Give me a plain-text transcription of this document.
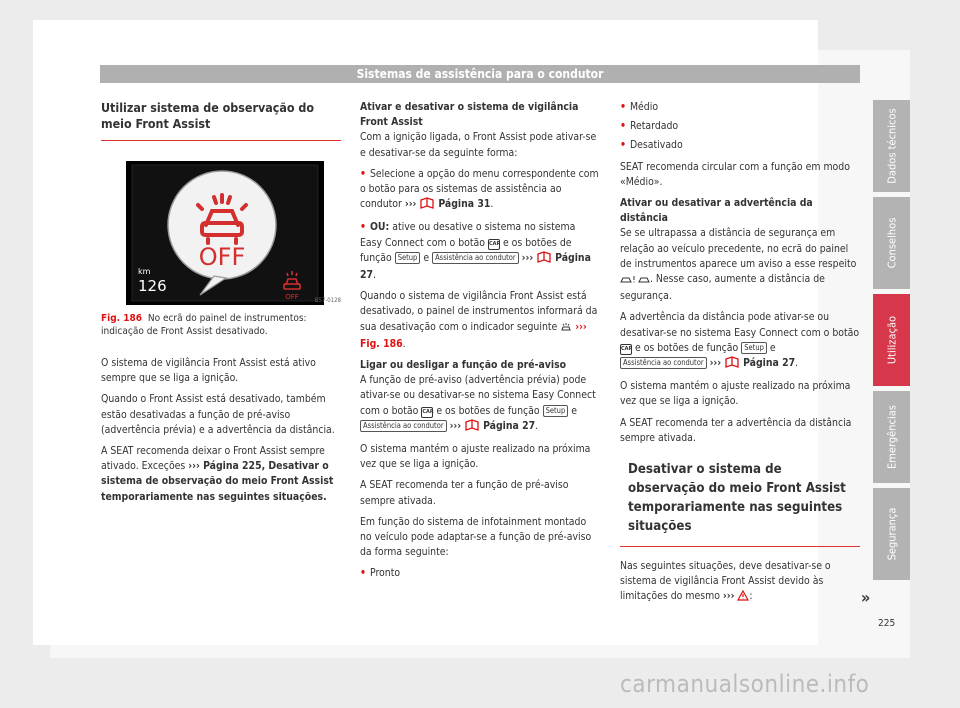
Sistemas de assistência para o condutor
Utilizar sistema de observação do meio Front Assist
OFF
km
126
OFF	B57-0128
Fig. 186 No ecrã do painel de instrumentos: indicação de Front Assist desativado.

O sistema de vigilância Front Assist está ativo sempre que se liga a ignição.

Quando o Front Assist está desativado, também estão desativadas a função de pré-aviso (advertência prévia) e a advertência da distância.

A SEAT recomenda deixar o Front Assist sempre ativado. Exceções ››› Página 225, Desativar o sistema de observação do meio Front Assist temporariamente nas seguintes situações.

Ativar e desativar o sistema de vigilância Front Assist

Com a ignição ligada, o Front Assist pode ativar-se e desativar-se da seguinte forma:

• Selecione a opção do menu correspondente com o botão para os sistemas de assistência ao condutor ››› Página 31.

• OU: ative ou desative o sistema no sistema Easy Connect com o botão CAR e os botões de função Setup e Assistência ao condutor ››› Página 27.

Quando o sistema de vigilância Front Assist está desativado, o painel de instrumentos informará da sua desativação com o indicador seguinte ››› Fig. 186.

Ligar ou desligar a função de pré-aviso

A função de pré-aviso (advertência prévia) pode ativar-se ou desativar-se no sistema Easy Connect com o botão CAR e os botões de função Setup e Assistência ao condutor ››› Página 27.

O sistema mantém o ajuste realizado na próxima vez que se liga a ignição.

A SEAT recomenda ter a função de pré-aviso sempre ativada.

Em função do sistema de infotainment montado no veículo pode adaptar-se a função de pré-aviso da forma seguinte:

• Pronto

• Médio
• Retardado
• Desativado

SEAT recomenda circular com a função em modo «Médio».

Ativar ou desativar a advertência da distância

Se se ultrapassa a distância de segurança em relação ao veículo precedente, no ecrã do painel de instrumentos aparece um aviso a esse respeito . Nesse caso, aumente a distância de segurança.

A advertência da distância pode ativar-se ou desativar-se no sistema Easy Connect com o botão CAR e os botões de função Setup e Assistência ao condutor ››› Página 27.

O sistema mantém o ajuste realizado na próxima vez que se liga a ignição.

A SEAT recomenda ter a advertência da distância sempre ativada.

Desativar o sistema de observação do meio Front Assist temporariamente nas seguintes situações

Nas seguintes situações, deve desativar-se o sistema de vigilância Front Assist devido às limitações do mesmo ››› :

Dados técnicos
Conselhos
Utilização
Emergências
Segurança
»
225
carmanualsonline.info
